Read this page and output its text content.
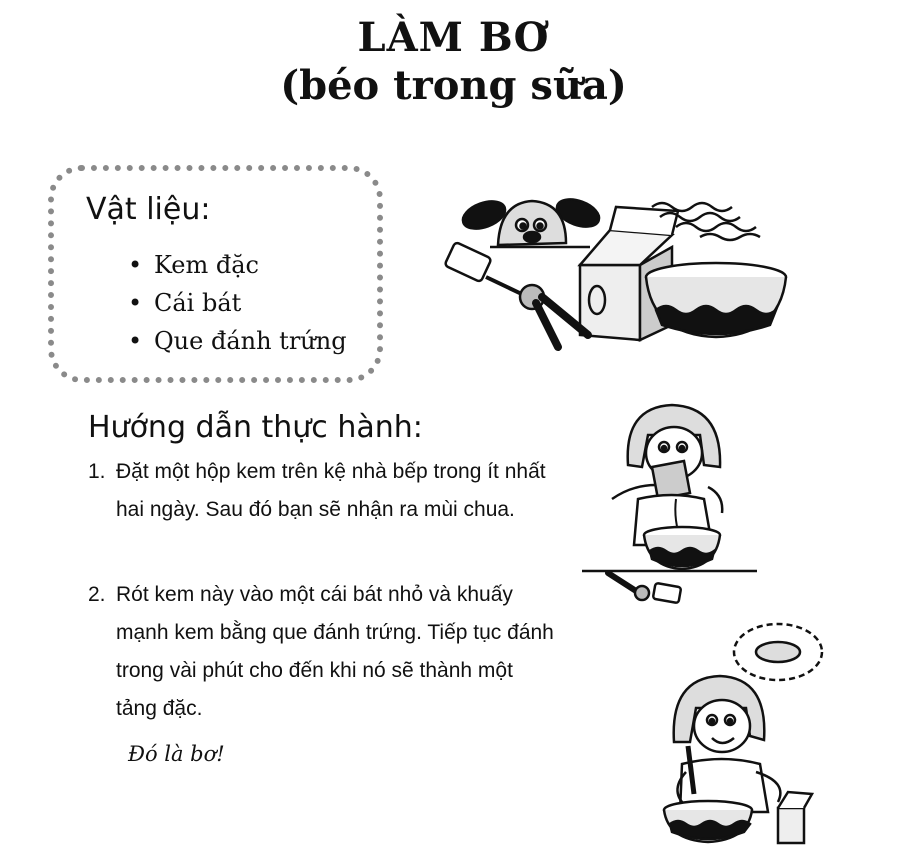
LÀM BƠ
(béo trong sữa)
Vật liệu:
• Kem đặc
• Cái bát
• Que đánh trứng
Hướng dẫn thực hành:
1. Đặt một hộp kem trên kệ nhà bếp trong ít nhất hai ngày. Sau đó bạn sẽ nhận ra mùi chua.
2. Rót kem này vào một cái bát nhỏ và khuấy mạnh kem bằng que đánh trứng. Tiếp tục đánh trong vài phút cho đến khi nó sẽ thành một tảng đặc.
Đó là bơ!
